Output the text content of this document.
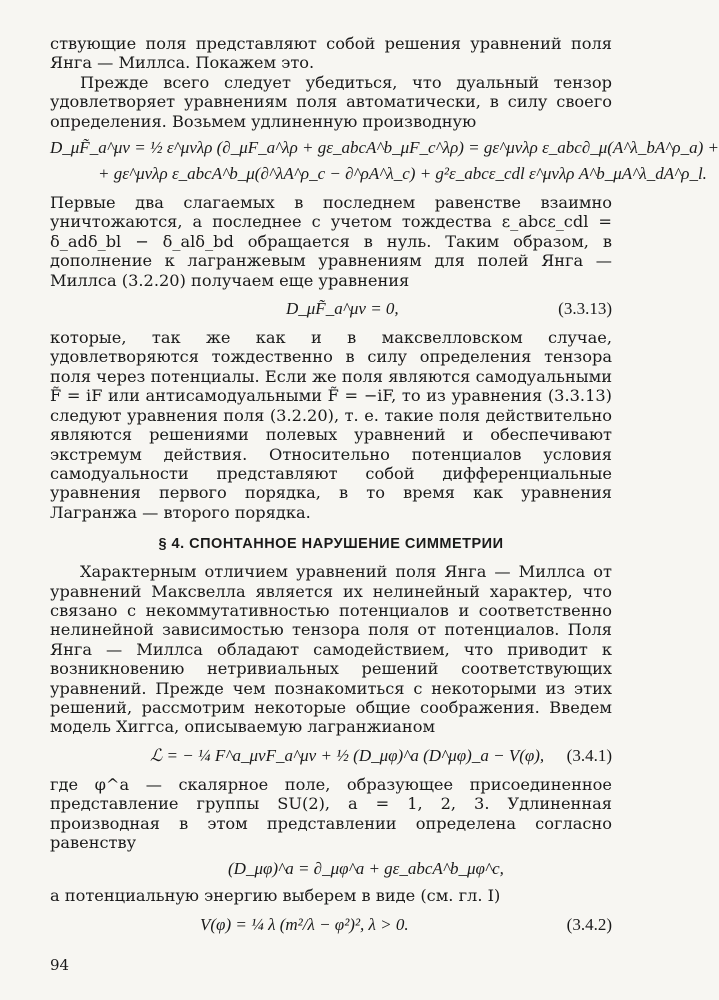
ствующие поля представляют собой решения уравнений поля Янга — Миллса. Покажем это.

Прежде всего следует убедиться, что дуальный тензор удовлетворяет уравнениям поля автоматически, в силу своего определения. Возьмем удлиненную производную

D_μF̃_a^μν = ½ ε^μνλρ (∂_μF_a^λρ + gε_abcA^b_μF_c^λρ) = gε^μνλρ ε_abc∂_μ(A^λ_bA^ρ_a) +
+ gε^μνλρ ε_abcA^b_μ(∂^λA^ρ_c − ∂^ρA^λ_c) + g²ε_abcε_cdl ε^μνλρ A^b_μA^λ_dA^ρ_l.

Первые два слагаемых в последнем равенстве взаимно уничтожаются, а последнее с учетом тождества ε_abcε_cdl = δ_adδ_bl − δ_alδ_bd обращается в нуль. Таким образом, в дополнение к лагранжевым уравнениям для полей Янга — Миллса (3.2.20) получаем еще уравнения

D_μF̃_a^μν = 0,	(3.3.13)

которые, так же как и в максвелловском случае, удовлетворяются тождественно в силу определения тензора поля через потенциалы. Если же поля являются самодуальными F̃ = iF или антисамодуальными F̃ = −iF, то из уравнения (3.3.13) следуют уравнения поля (3.2.20), т. е. такие поля действительно являются решениями полевых уравнений и обеспечивают экстремум действия. Относительно потенциалов условия самодуальности представляют собой дифференциальные уравнения первого порядка, в то время как уравнения Лагранжа — второго порядка.

§ 4. СПОНТАННОЕ НАРУШЕНИЕ СИММЕТРИИ

Характерным отличием уравнений поля Янга — Миллса от уравнений Максвелла является их нелинейный характер, что связано с некоммутативностью потенциалов и соответственно нелинейной зависимостью тензора поля от потенциалов. Поля Янга — Миллса обладают самодействием, что приводит к возникновению нетривиальных решений соответствующих уравнений. Прежде чем познакомиться с некоторыми из этих решений, рассмотрим некоторые общие соображения. Введем модель Хиггса, описываемую лагранжианом

ℒ = − ¼ F^a_μνF_a^μν + ½ (D_μφ)^a (D^μφ)_a − V(φ), (3.4.1)

где φ^a — скалярное поле, образующее присоединенное представление группы SU(2), a = 1, 2, 3. Удлиненная производная в этом представлении определена согласно равенству

(D_μφ)^a = ∂_μφ^a + gε_abcA^b_μφ^c,

а потенциальную энергию выберем в виде (см. гл. I)

V(φ) = ¼ λ (m²/λ − φ²)², λ > 0.	(3.4.2)
94
